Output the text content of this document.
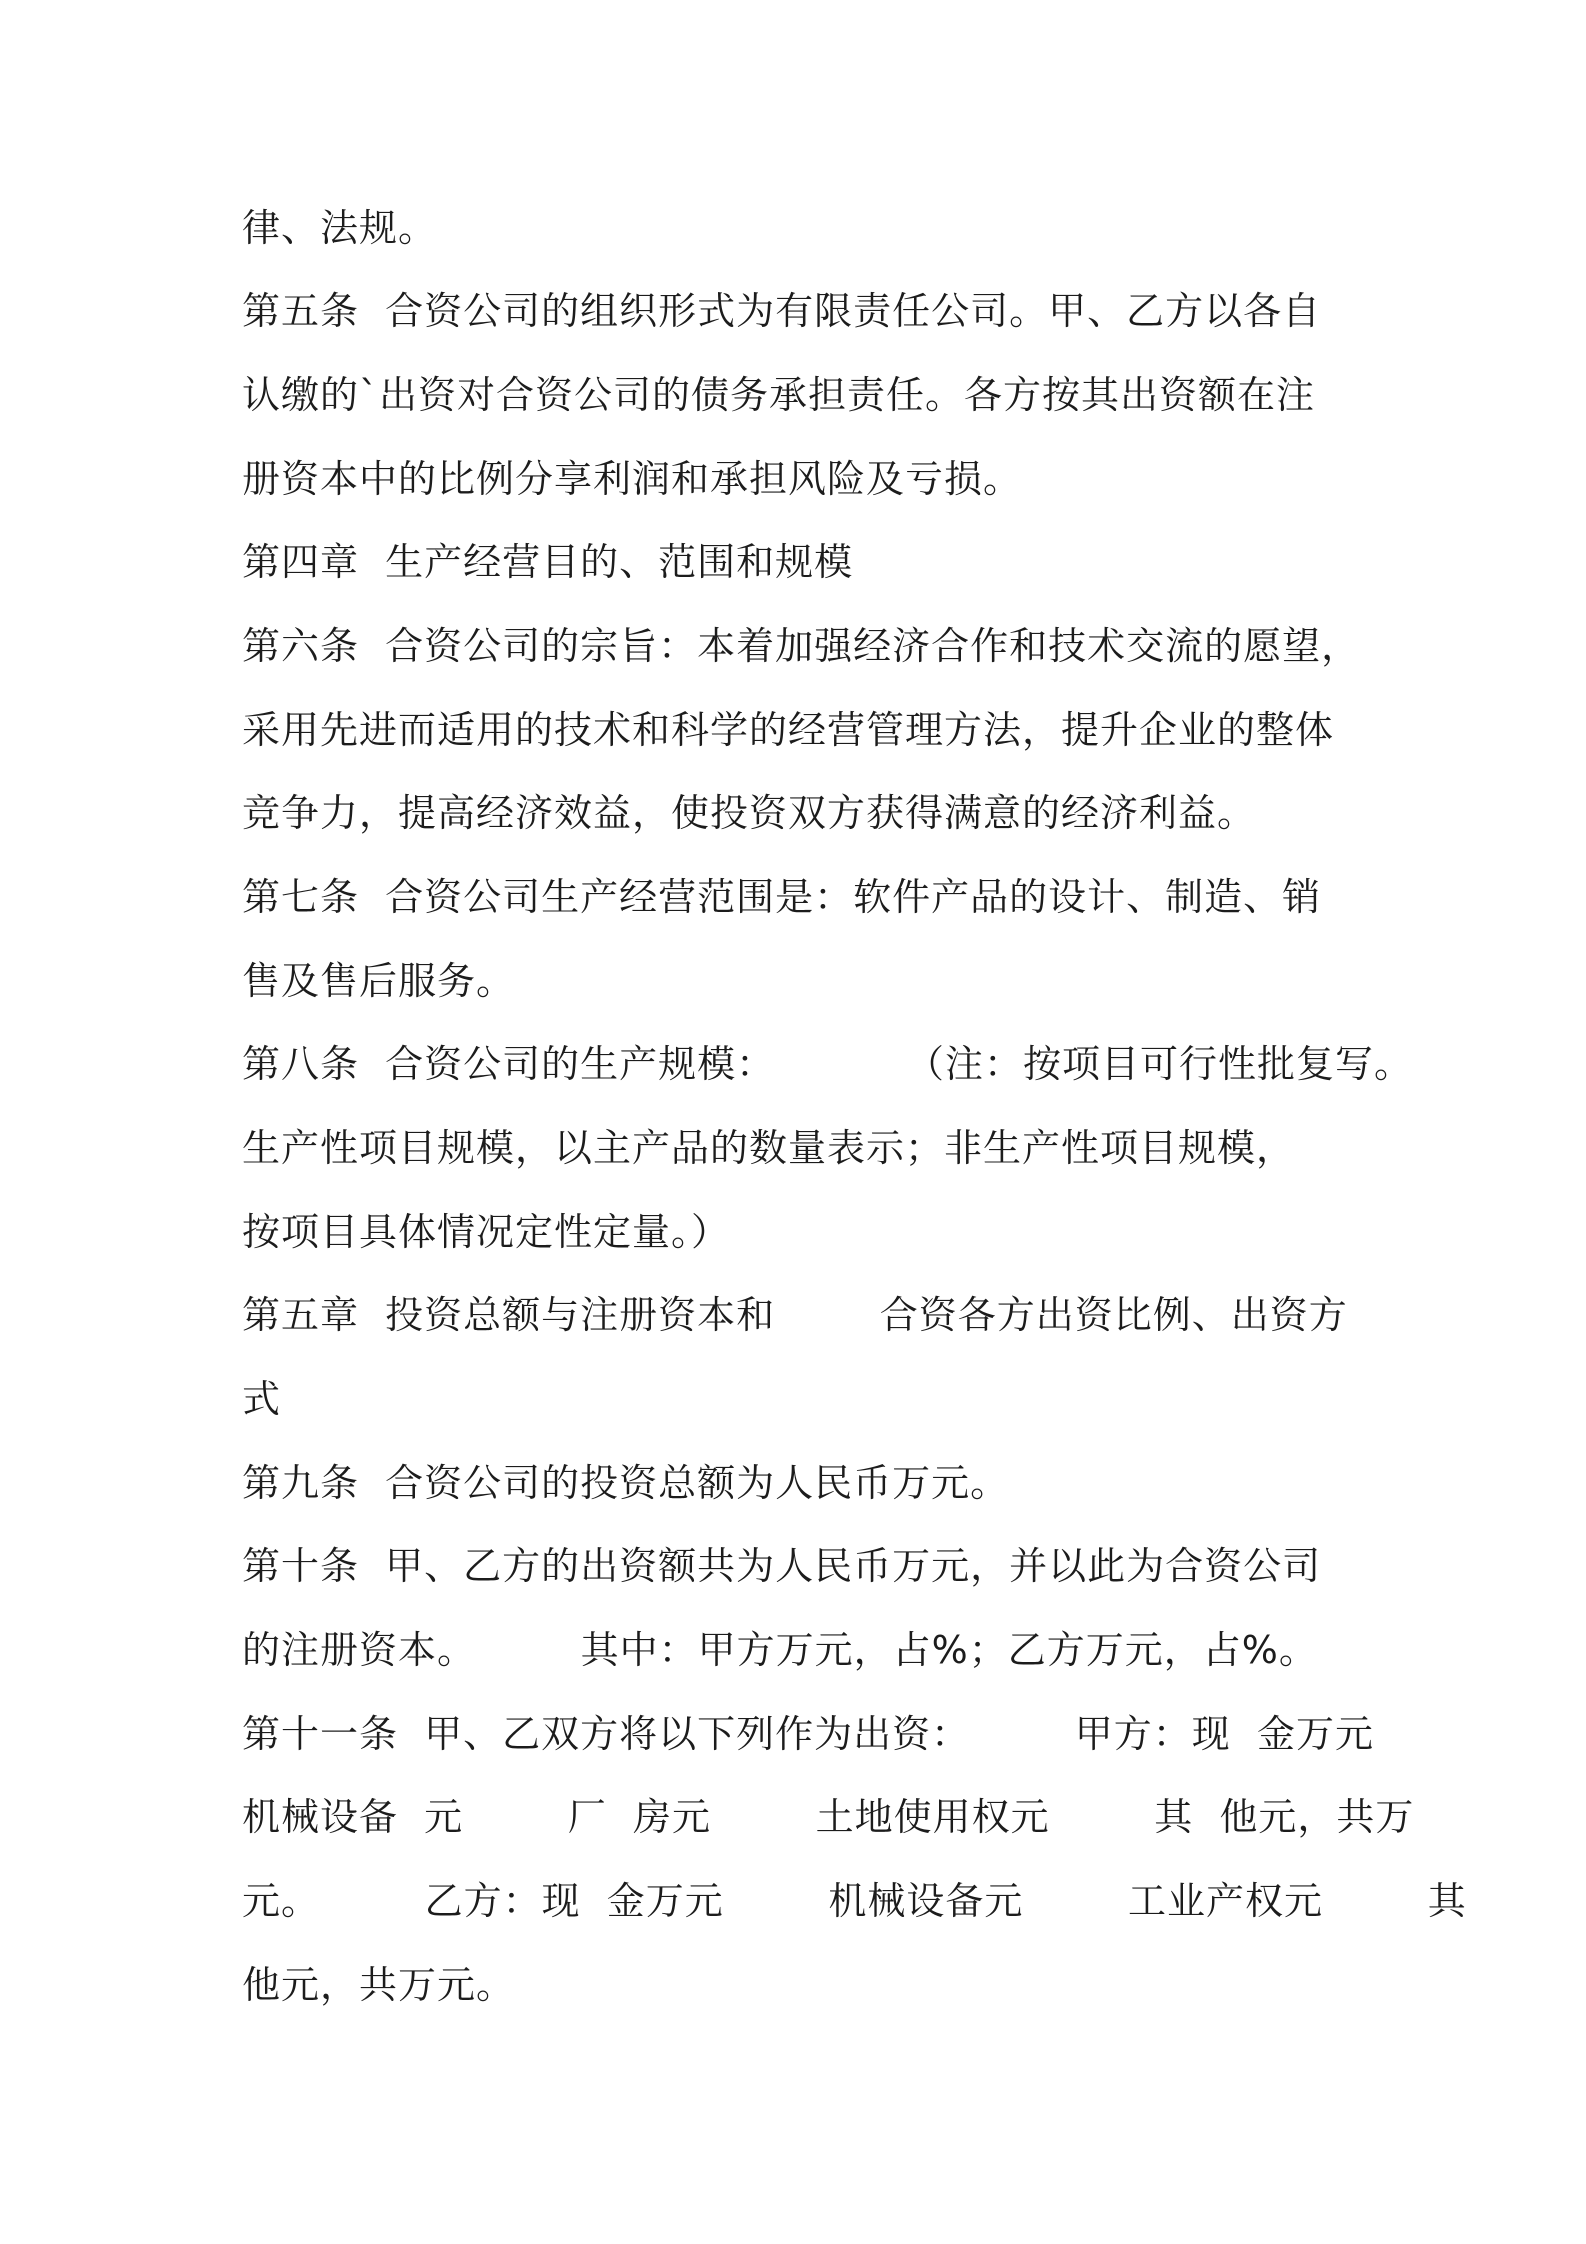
律、法规。
第五条  合资公司的组织形式为有限责任公司。甲、乙方以各自
认缴的`出资对合资公司的债务承担责任。各方按其出资额在注
册资本中的比例分享利润和承担风险及亏损。
第四章  生产经营目的、范围和规模
第六条  合资公司的宗旨：本着加强经济合作和技术交流的愿望，
采用先进而适用的技术和科学的经营管理方法，提升企业的整体
竞争力，提高经济效益，使投资双方获得满意的经济利益。
第七条  合资公司生产经营范围是：软件产品的设计、制造、销
售及售后服务。
第八条  合资公司的生产规模：          （注：按项目可行性批复写。
生产性项目规模，以主产品的数量表示；非生产性项目规模，
按项目具体情况定性定量。）
第五章  投资总额与注册资本和        合资各方出资比例、出资方
式
第九条  合资公司的投资总额为人民币万元。
第十条  甲、乙方的出资额共为人民币万元，并以此为合资公司
的注册资本。        其中：甲方万元，占%；乙方万元，占%。
第十一条  甲、乙双方将以下列作为出资：        甲方：现  金万元
机械设备  元        厂  房元        土地使用权元        其  他元，共万
元。        乙方：现  金万元        机械设备元        工业产权元        其
他元，共万元。
